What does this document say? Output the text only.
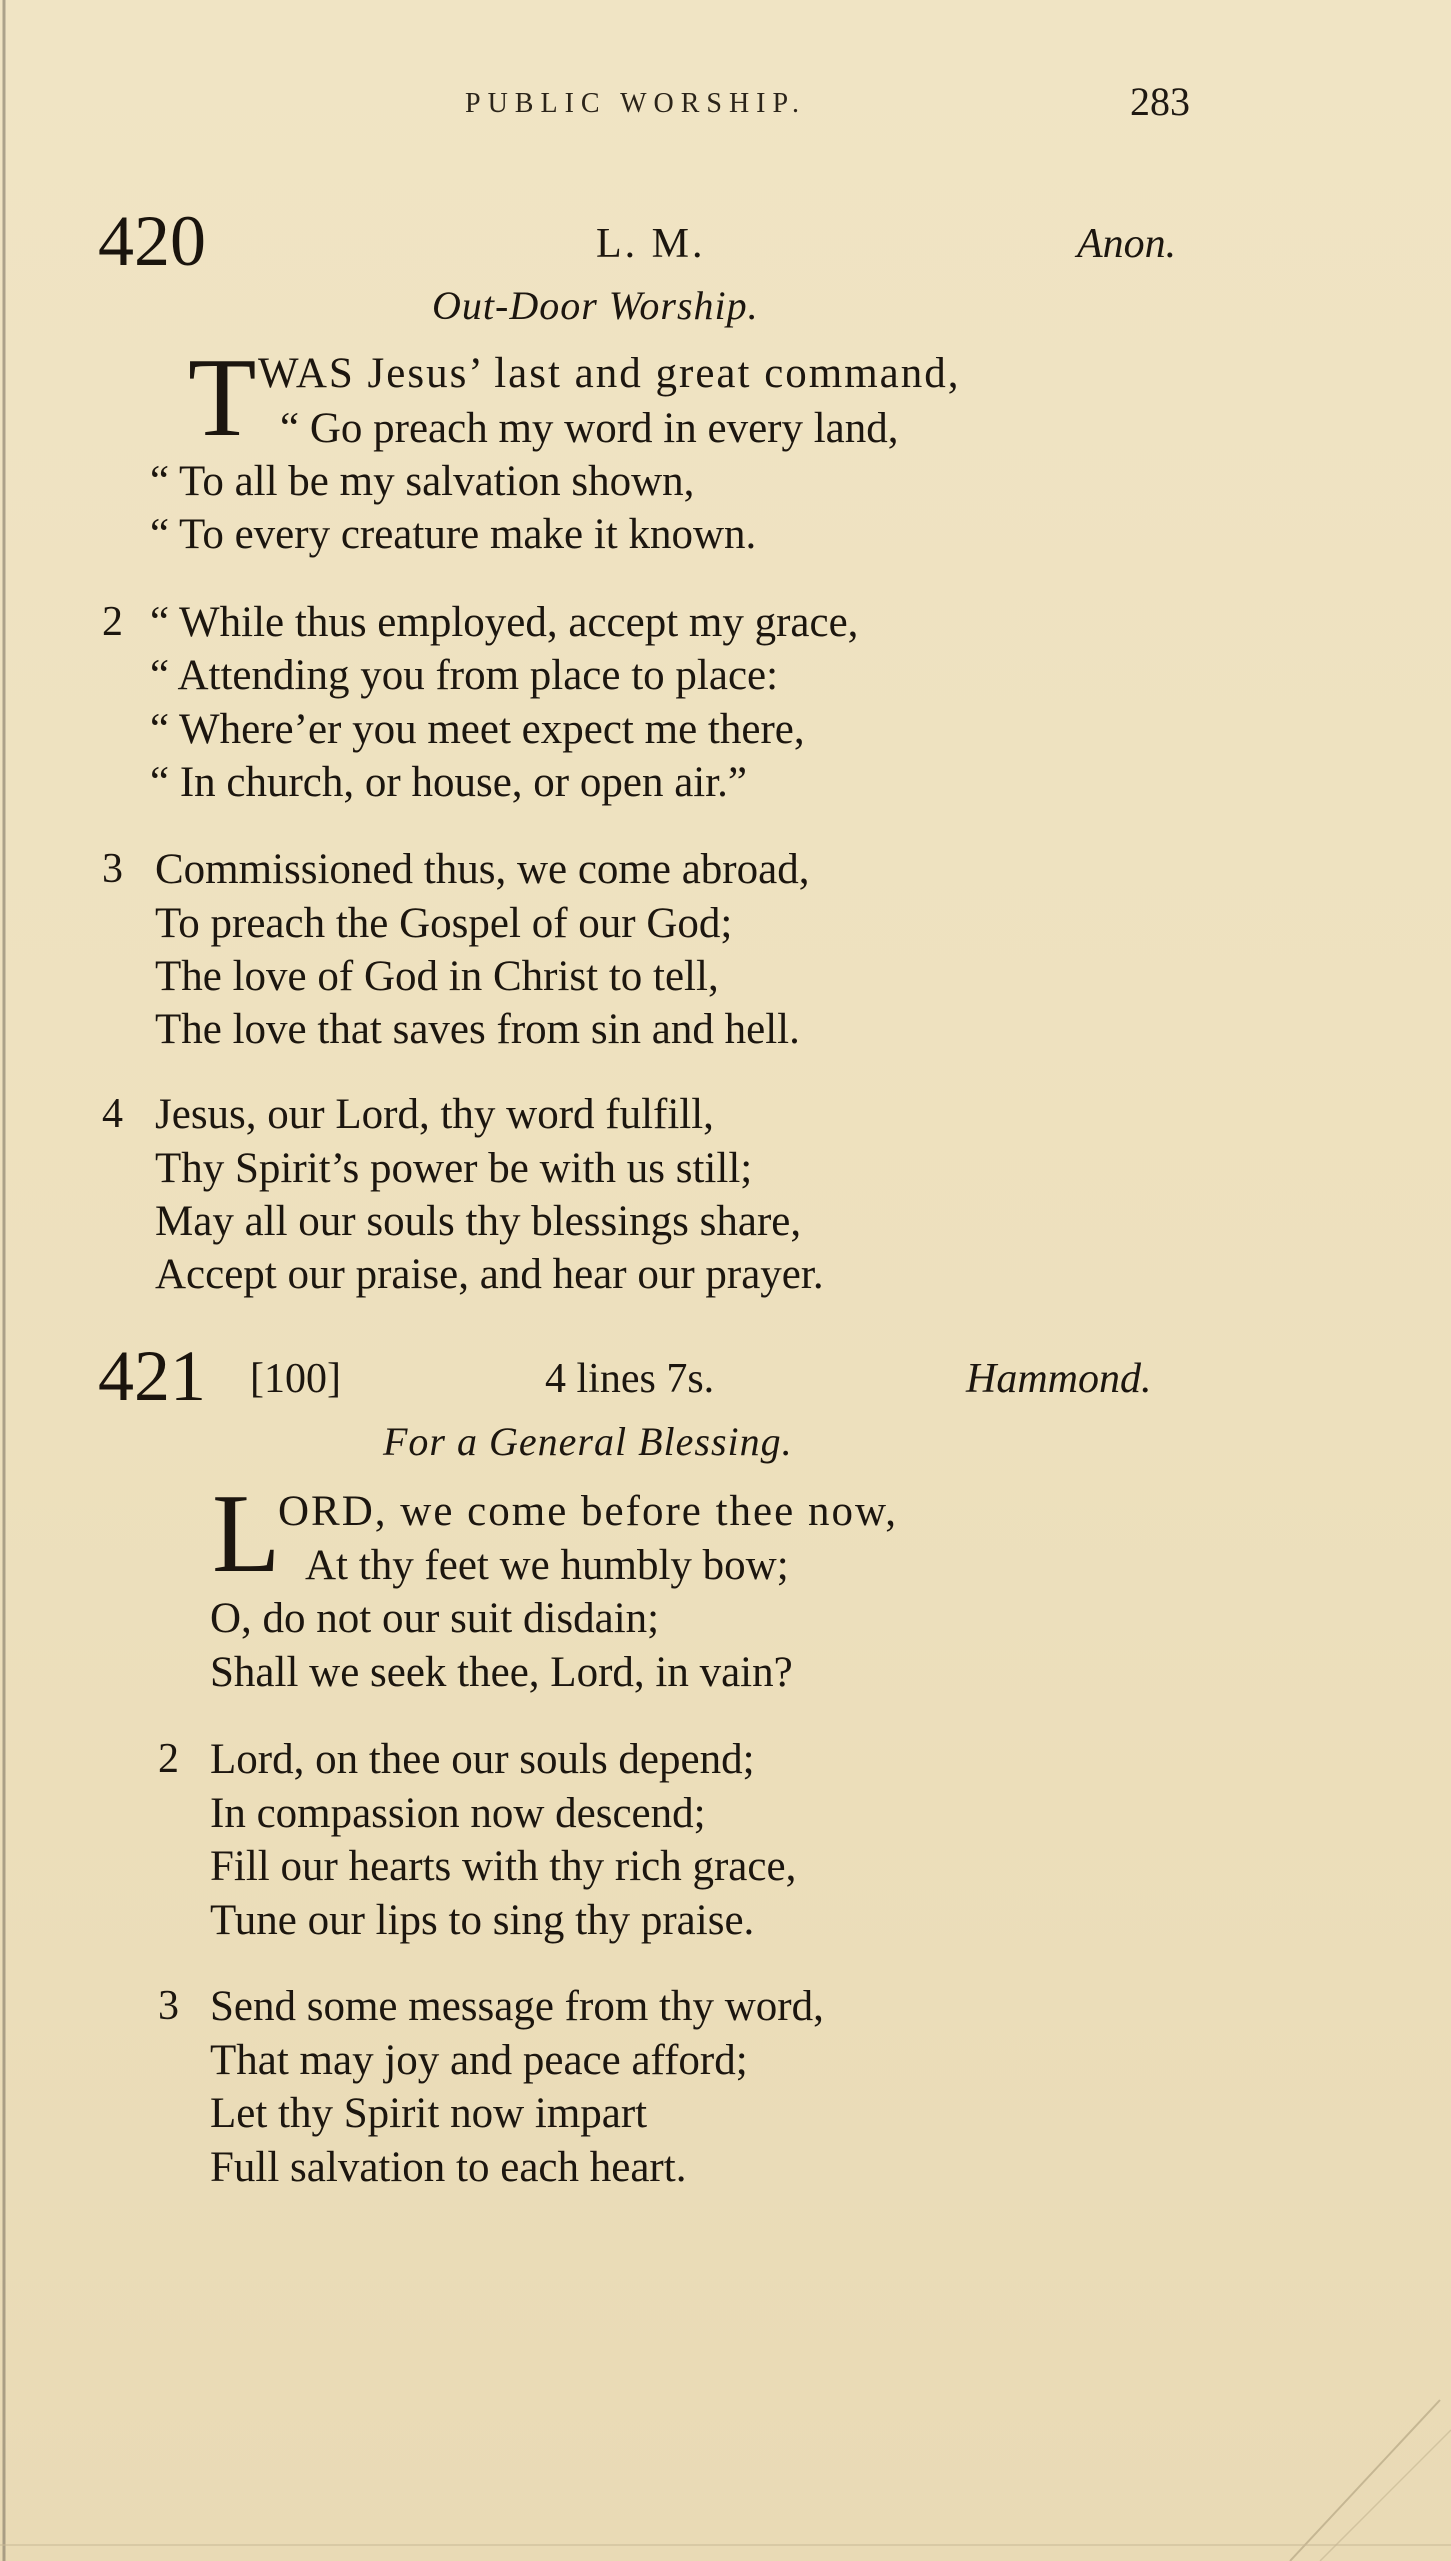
PUBLIC WORSHIP.	283
420	L. M.	Anon.
Out-Door Worship.
T WAS Jesus’ last and great command,
“ Go preach my word in every land,
“ To all be my salvation shown,
“ To every creature make it known.
2 “ While thus employed, accept my grace,
“ Attending you from place to place:
“ Where’er you meet expect me there,
“ In church, or house, or open air.”
3 Commissioned thus, we come abroad,
To preach the Gospel of our God;
The love of God in Christ to tell,
The love that saves from sin and hell.
4 Jesus, our Lord, thy word fulfill,
Thy Spirit’s power be with us still;
May all our souls thy blessings share,
Accept our praise, and hear our prayer.
421 [100]	4 lines 7s.	Hammond.
For a General Blessing.
L
ORD, we come before thee now,
At thy feet we humbly bow;
O, do not our suit disdain;
Shall we seek thee, Lord, in vain?
2 Lord, on thee our souls depend;
In compassion now descend;
Fill our hearts with thy rich grace,
Tune our lips to sing thy praise.
3 Send some message from thy word,
That may joy and peace afford;
Let thy Spirit now impart
Full salvation to each heart.
